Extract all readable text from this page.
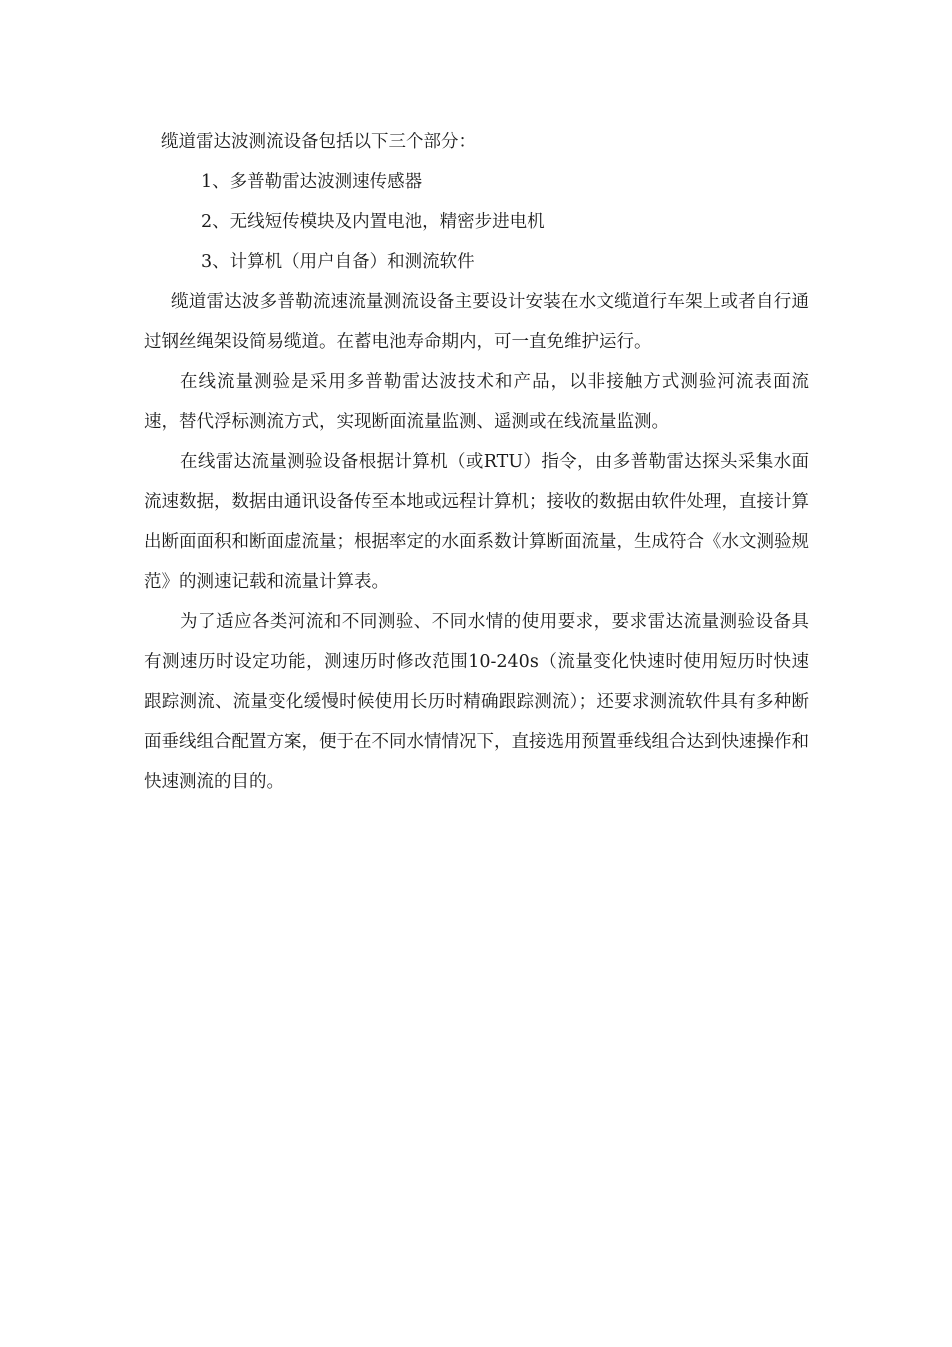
缆道雷达波测流设备包括以下三个部分：

1、多普勒雷达波测速传感器
2、无线短传模块及内置电池，精密步进电机
3、计算机（用户自备）和测流软件

缆道雷达波多普勒流速流量测流设备主要设计安装在水文缆道行车架上或者自行通过钢丝绳架设简易缆道。在蓄电池寿命期内，可一直免维护运行。

在线流量测验是采用多普勒雷达波技术和产品，以非接触方式测验河流表面流速，替代浮标测流方式，实现断面流量监测、遥测或在线流量监测。

在线雷达流量测验设备根据计算机（或RTU）指令，由多普勒雷达探头采集水面流速数据，数据由通讯设备传至本地或远程计算机；接收的数据由软件处理，直接计算出断面面积和断面虚流量；根据率定的水面系数计算断面流量，生成符合《水文测验规范》的测速记载和流量计算表。

为了适应各类河流和不同测验、不同水情的使用要求，要求雷达流量测验设备具有测速历时设定功能，测速历时修改范围10-240s（流量变化快速时使用短历时快速跟踪测流、流量变化缓慢时候使用长历时精确跟踪测流）；还要求测流软件具有多种断面垂线组合配置方案，便于在不同水情情况下，直接选用预置垂线组合达到快速操作和快速测流的目的。
